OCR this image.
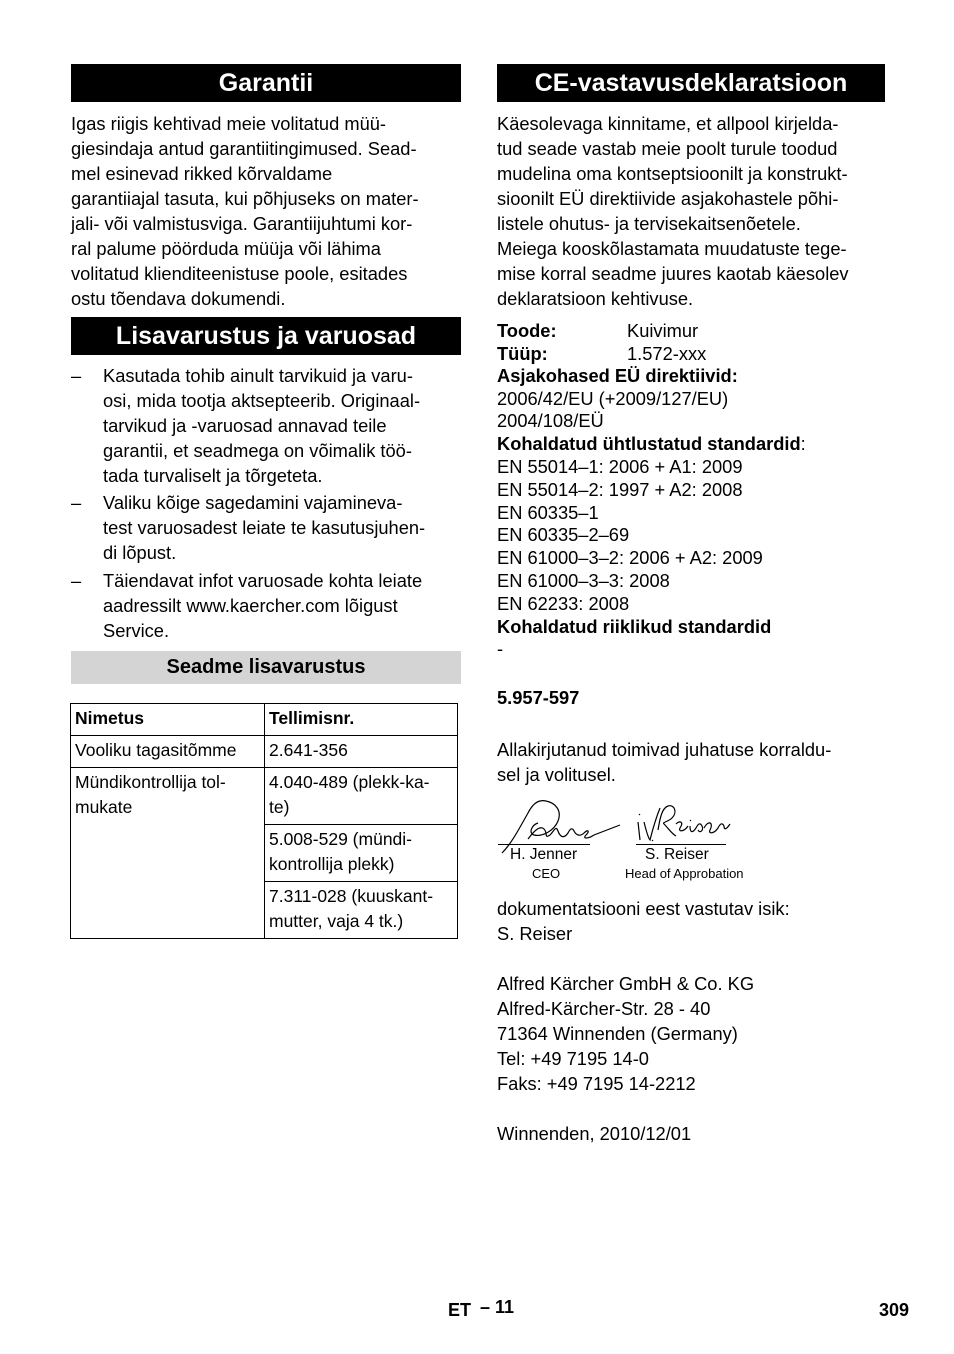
Garantii
Igas riigis kehtivad meie volitatud müü-
giesindaja antud garantiitingimused. Sead-
mel esinevad rikked kõrvaldame
garantiiajal tasuta, kui põhjuseks on mater-
jali- või valmistusviga. Garantiijuhtumi kor-
ral palume pöörduda müüja või lähima
volitatud klienditeenistuse poole, esitades
ostu tõendava dokumendi.
Lisavarustus ja varuosad
– Kasutada tohib ainult tarvikuid ja varu-
osi, mida tootja aktsepteerib. Originaal-
tarvikud ja -varuosad annavad teile
garantii, et seadmega on võimalik töö-
tada turvaliselt ja tõrgeteta.
– Valiku kõige sagedamini vajamineva-
test varuosadest leiate te kasutusjuhen-
di lõpust.
– Täiendavat infot varuosade kohta leiate
aadressilt www.kaercher.com lõigust
Service.
Seadme lisavarustus
Nimetus	Tellimisnr.
Vooliku tagasitõmme	2.641-356

Mündikontrollija tol-
mukate	4.040-489 (plekk-ka-
te)

	5.008-529 (mündi-
kontrollija plekk)

	7.311-028 (kuuskant-
mutter, vaja 4 tk.)
CE-vastavusdeklaratsioon
Käesolevaga kinnitame, et allpool kirjelda-
tud seade vastab meie poolt turule toodud
mudelina oma kontseptsioonilt ja konstrukt-
sioonilt EÜ direktiivide asjakohastele põhi-
listele ohutus- ja tervisekaitsenõetele.
Meiega kooskõlastamata muudatuste tege-
mise korral seadme juures kaotab käesolev
deklaratsioon kehtivuse.
Toode:	Kuivimur
Tüüp:	1.572-xxx
Asjakohased EÜ direktiivid:
2006/42/EU (+2009/127/EU)
2004/108/EÜ
Kohaldatud ühtlustatud standardid:
EN 55014–1: 2006 + A1: 2009
EN 55014–2: 1997 + A2: 2008
EN 60335–1
EN 60335–2–69
EN 61000–3–2: 2006 + A2: 2009
EN 61000–3–3: 2008
EN 62233: 2008
Kohaldatud riiklikud standardid
-
5.957-597
Allakirjutanud toimivad juhatuse korraldu-
sel ja volitusel.
H. Jenner	S. Reiser
CEO	Head of Approbation
dokumentatsiooni eest vastutav isik:
S. Reiser
Alfred Kärcher GmbH & Co. KG
Alfred-Kärcher-Str. 28 - 40
71364 Winnenden (Germany)
Tel: +49 7195 14-0
Faks: +49 7195 14-2212
Winnenden, 2010/12/01
ET – 11	309
